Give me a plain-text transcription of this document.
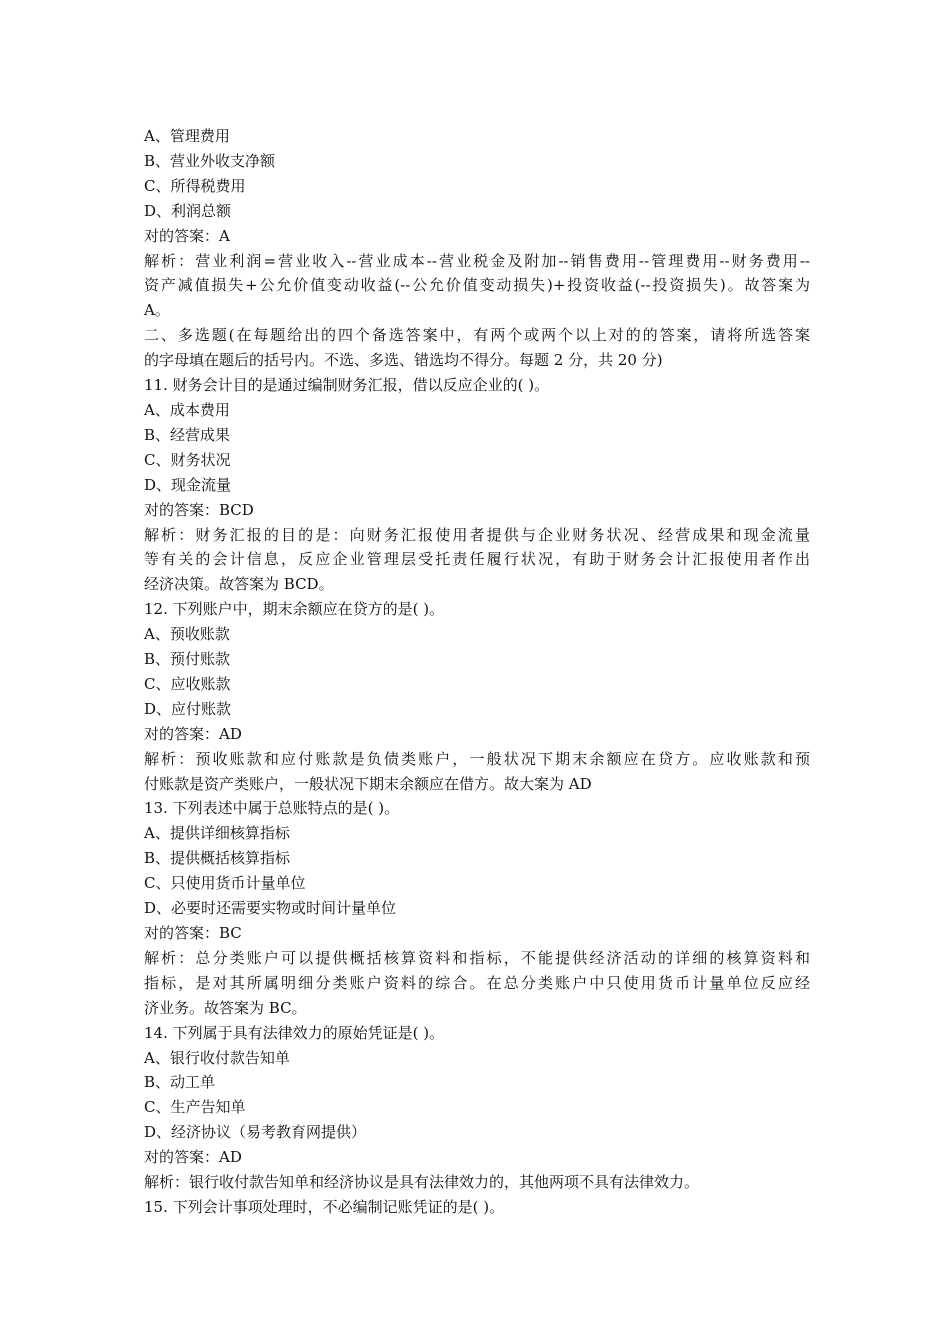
A、管理费用
B、营业外收支净额
C、所得税费用
D、利润总额
对的答案：A
解析：营业利润=营业收入--营业成本--营业税金及附加--销售费用--管理费用--财务费用--
资产减值损失+公允价值变动收益(--公允价值变动损失)+投资收益(--投资损失)。故答案为
A。
二、多选题(在每题给出的四个备选答案中，有两个或两个以上对的的答案，请将所选答案
的字母填在题后的括号内。不选、多选、错选均不得分。每题 2 分，共 20 分)
11. 财务会计目的是通过编制财务汇报，借以反应企业的( )。
A、成本费用
B、经营成果
C、财务状况
D、现金流量
对的答案：BCD
解析：财务汇报的目的是：向财务汇报使用者提供与企业财务状况、经营成果和现金流量
等有关的会计信息，反应企业管理层受托责任履行状况，有助于财务会计汇报使用者作出
经济决策。故答案为 BCD。
12. 下列账户中，期末余额应在贷方的是( )。
A、预收账款
B、预付账款
C、应收账款
D、应付账款
对的答案：AD
解析：预收账款和应付账款是负债类账户，一般状况下期末余额应在贷方。应收账款和预
付账款是资产类账户，一般状况下期末余额应在借方。故大案为 AD
13. 下列表述中属于总账特点的是( )。
A、提供详细核算指标
B、提供概括核算指标
C、只使用货币计量单位
D、必要时还需要实物或时间计量单位
对的答案：BC
解析：总分类账户可以提供概括核算资料和指标，不能提供经济活动的详细的核算资料和
指标，是对其所属明细分类账户资料的综合。在总分类账户中只使用货币计量单位反应经
济业务。故答案为 BC。
14. 下列属于具有法律效力的原始凭证是( )。
A、银行收付款告知单
B、动工单
C、生产告知单
D、经济协议（易考教育网提供）
对的答案：AD
解析：银行收付款告知单和经济协议是具有法律效力的，其他两项不具有法律效力。
15. 下列会计事项处理时，不必编制记账凭证的是( )。
